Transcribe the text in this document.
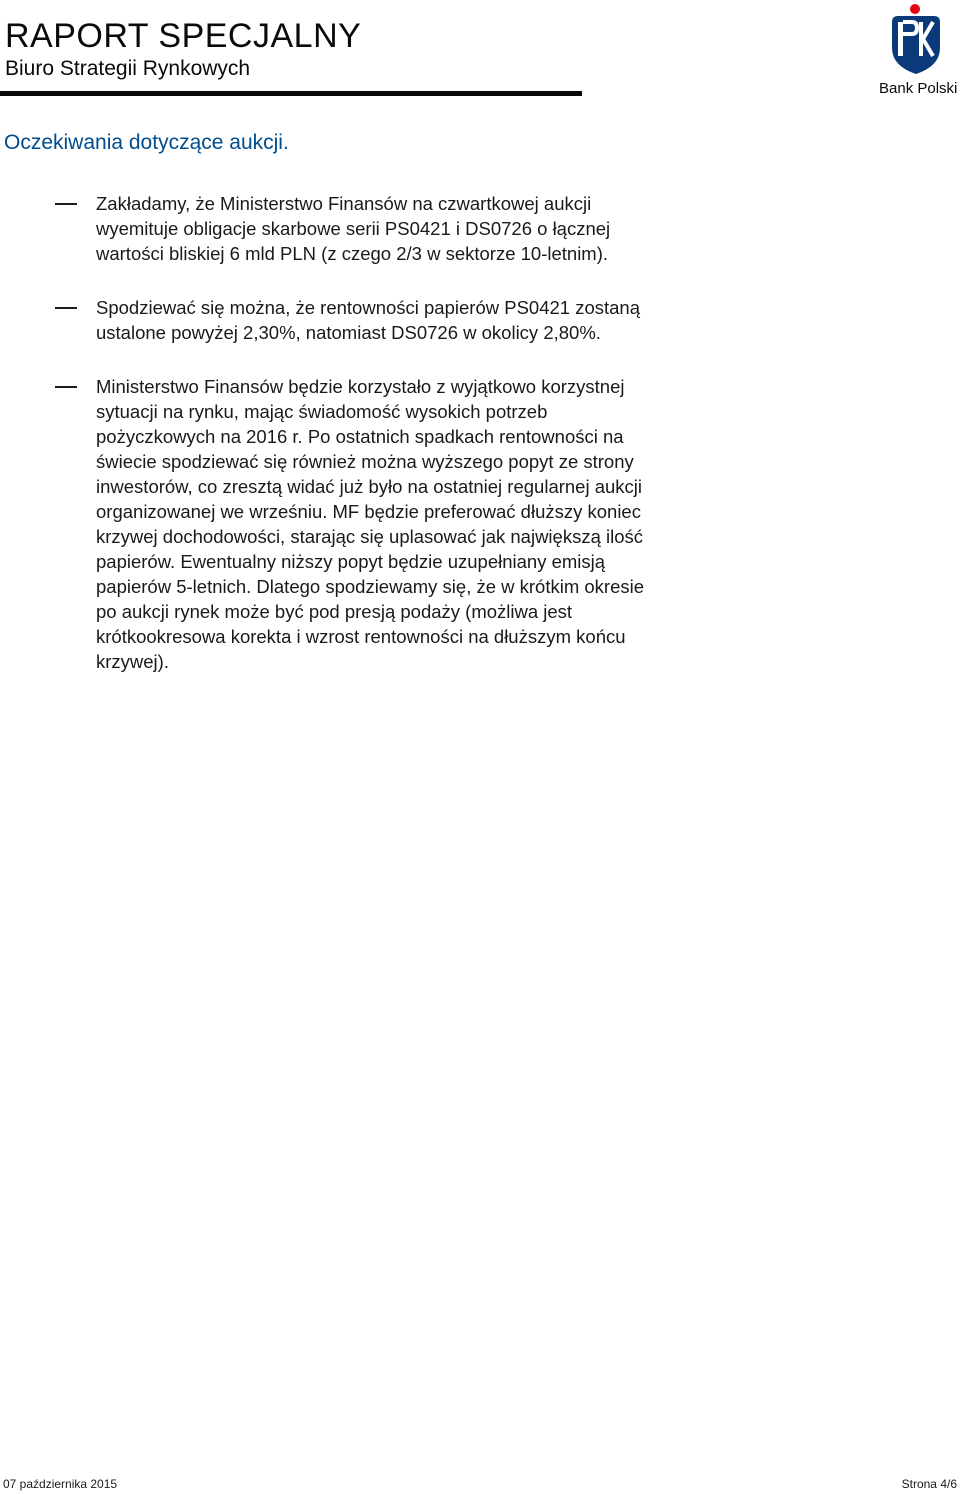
RAPORT SPECJALNY
Biuro Strategii Rynkowych
Bank Polski
Oczekiwania dotyczące aukcji.
Zakładamy, że Ministerstwo Finansów na czwartkowej aukcji wyemituje obligacje skarbowe serii PS0421 i DS0726 o łącznej wartości bliskiej 6 mld PLN (z czego 2/3 w sektorze 10-letnim).
Spodziewać się można, że rentowności papierów PS0421 zostaną ustalone powyżej 2,30%, natomiast DS0726 w okolicy 2,80%.
Ministerstwo Finansów będzie korzystało z wyjątkowo korzystnej sytuacji na rynku, mając świadomość wysokich potrzeb pożyczkowych na 2016 r. Po ostatnich spadkach rentowności na świecie spodziewać się również można wyższego popyt ze strony inwestorów, co zresztą widać już było na ostatniej regularnej aukcji organizowanej we wrześniu. MF będzie preferować dłuższy koniec krzywej dochodowości, starając się uplasować jak największą ilość papierów. Ewentualny niższy popyt będzie uzupełniany emisją papierów 5-letnich. Dlatego spodziewamy się, że w krótkim okresie po aukcji rynek może być pod presją podaży (możliwa jest krótkookresowa korekta i wzrost rentowności na dłuższym końcu krzywej).
07 października 2015	Strona 4/6
